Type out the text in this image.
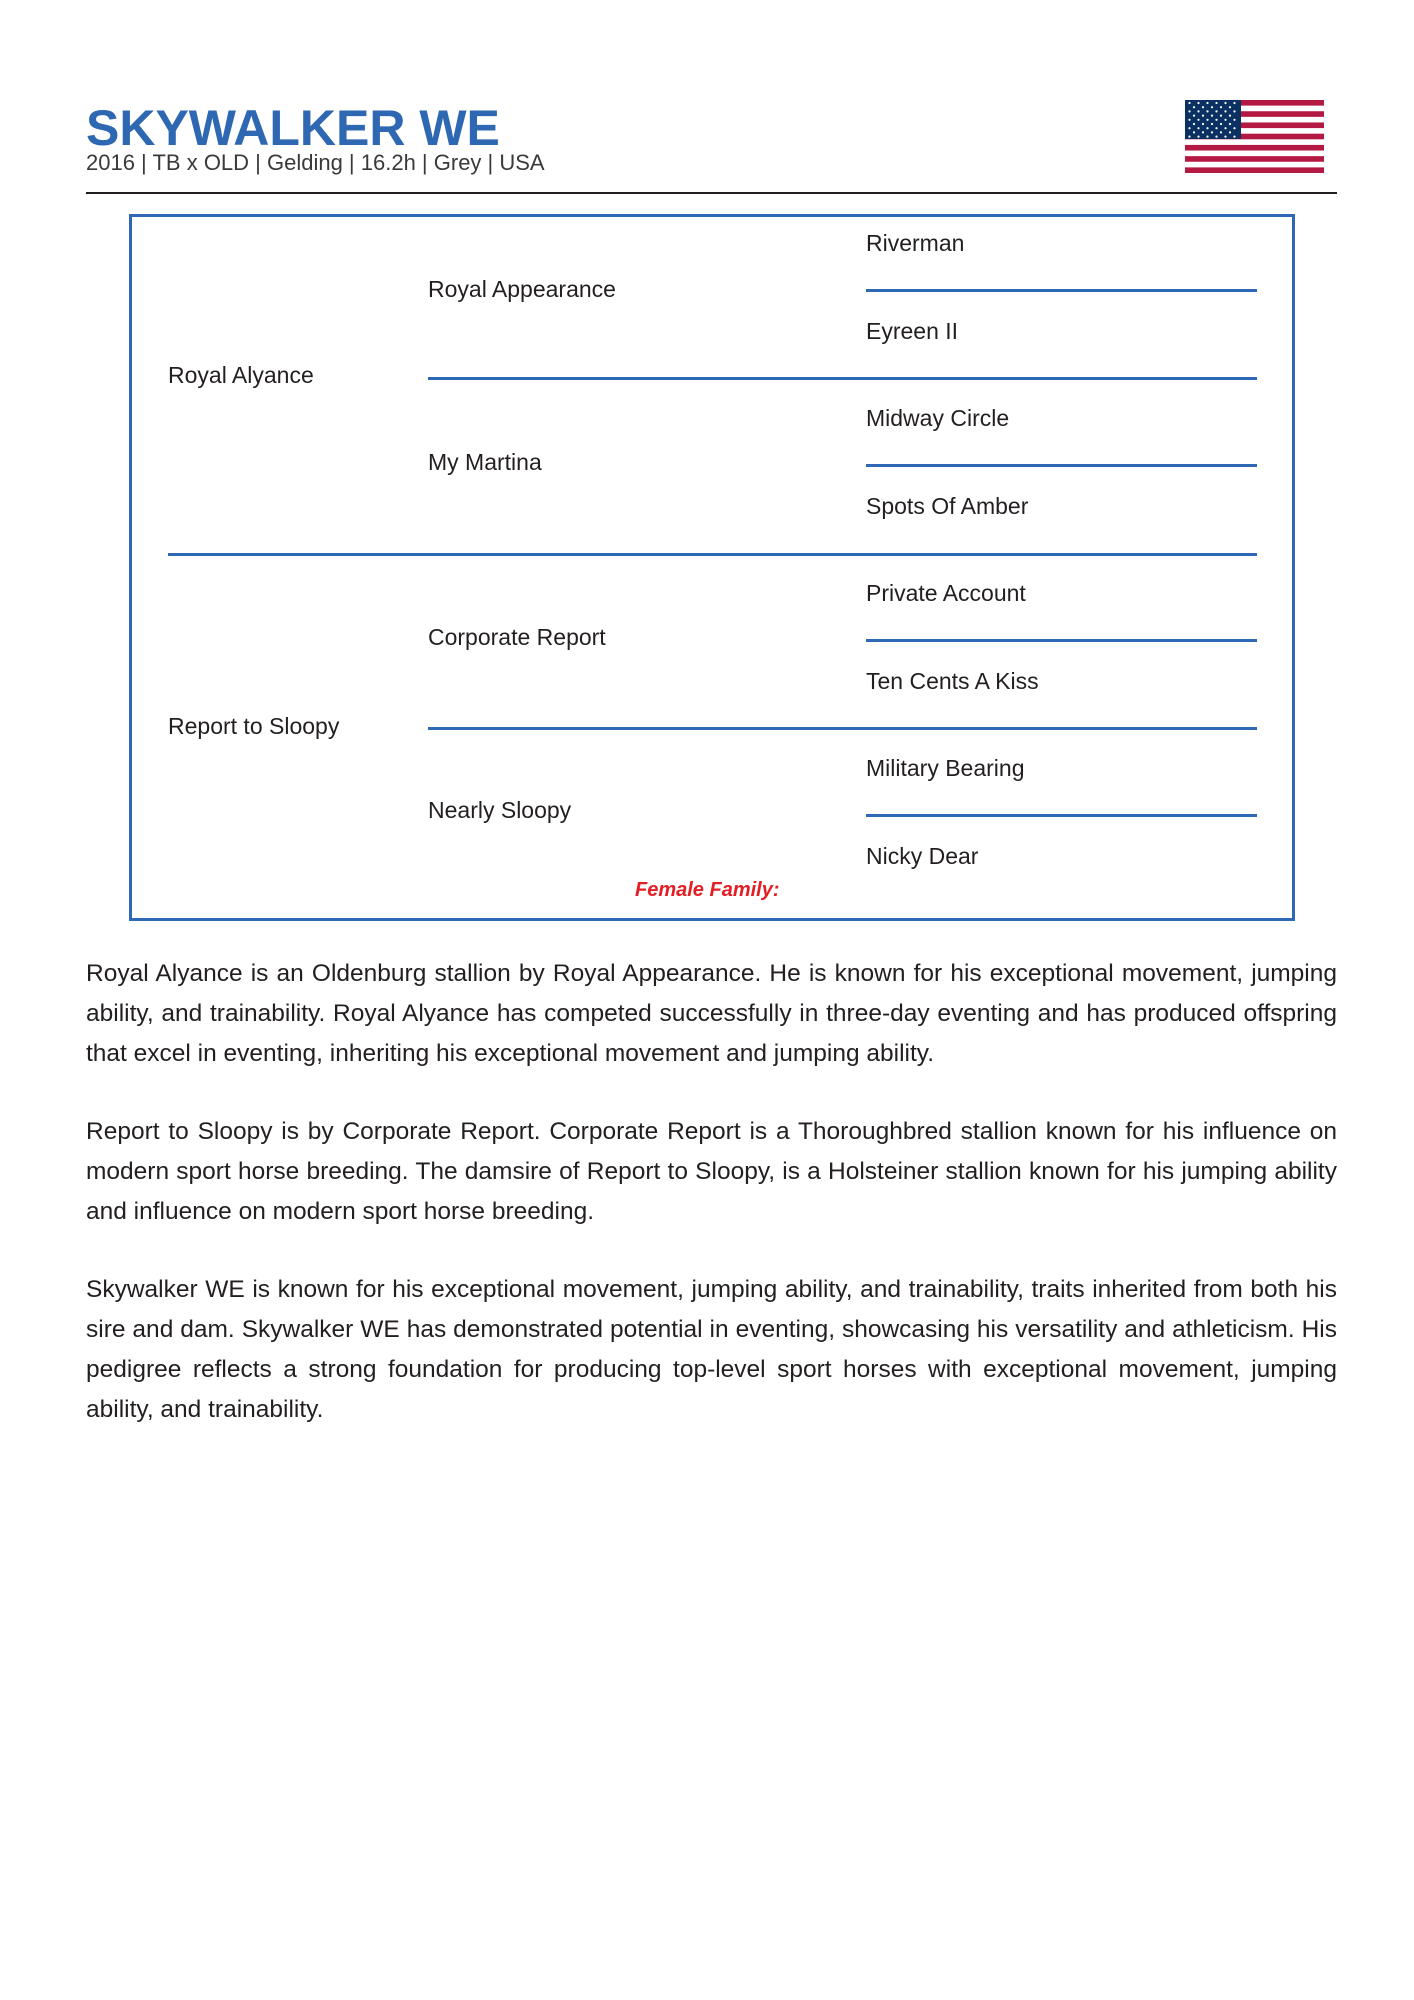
SKYWALKER WE
2016 | TB x OLD | Gelding | 16.2h | Grey | USA
Royal Alyance
Report to Sloopy
Royal Appearance
My Martina
Corporate Report
Nearly Sloopy
Riverman
Eyreen II
Midway Circle
Spots Of Amber
Private Account
Ten Cents A Kiss
Military Bearing
Nicky Dear
Female Family:

Royal Alyance is an Oldenburg stallion by Royal Appearance. He is known for his exceptional movement, jumping ability, and trainability. Royal Alyance has competed successfully in three-day eventing and has produced offspring that excel in eventing, inheriting his exceptional movement and jumping ability.

Report to Sloopy is by Corporate Report. Corporate Report is a Thoroughbred stallion known for his influence on modern sport horse breeding. The damsire of Report to Sloopy, is a Holsteiner stallion known for his jumping ability and influence on modern sport horse breeding.

Skywalker WE is known for his exceptional movement, jumping ability, and trainability, traits inherited from both his sire and dam. Skywalker WE has demonstrated potential in eventing, showcasing his versatility and athleticism. His pedigree reflects a strong foundation for producing top-level sport horses with exceptional movement, jumping ability, and trainability.
